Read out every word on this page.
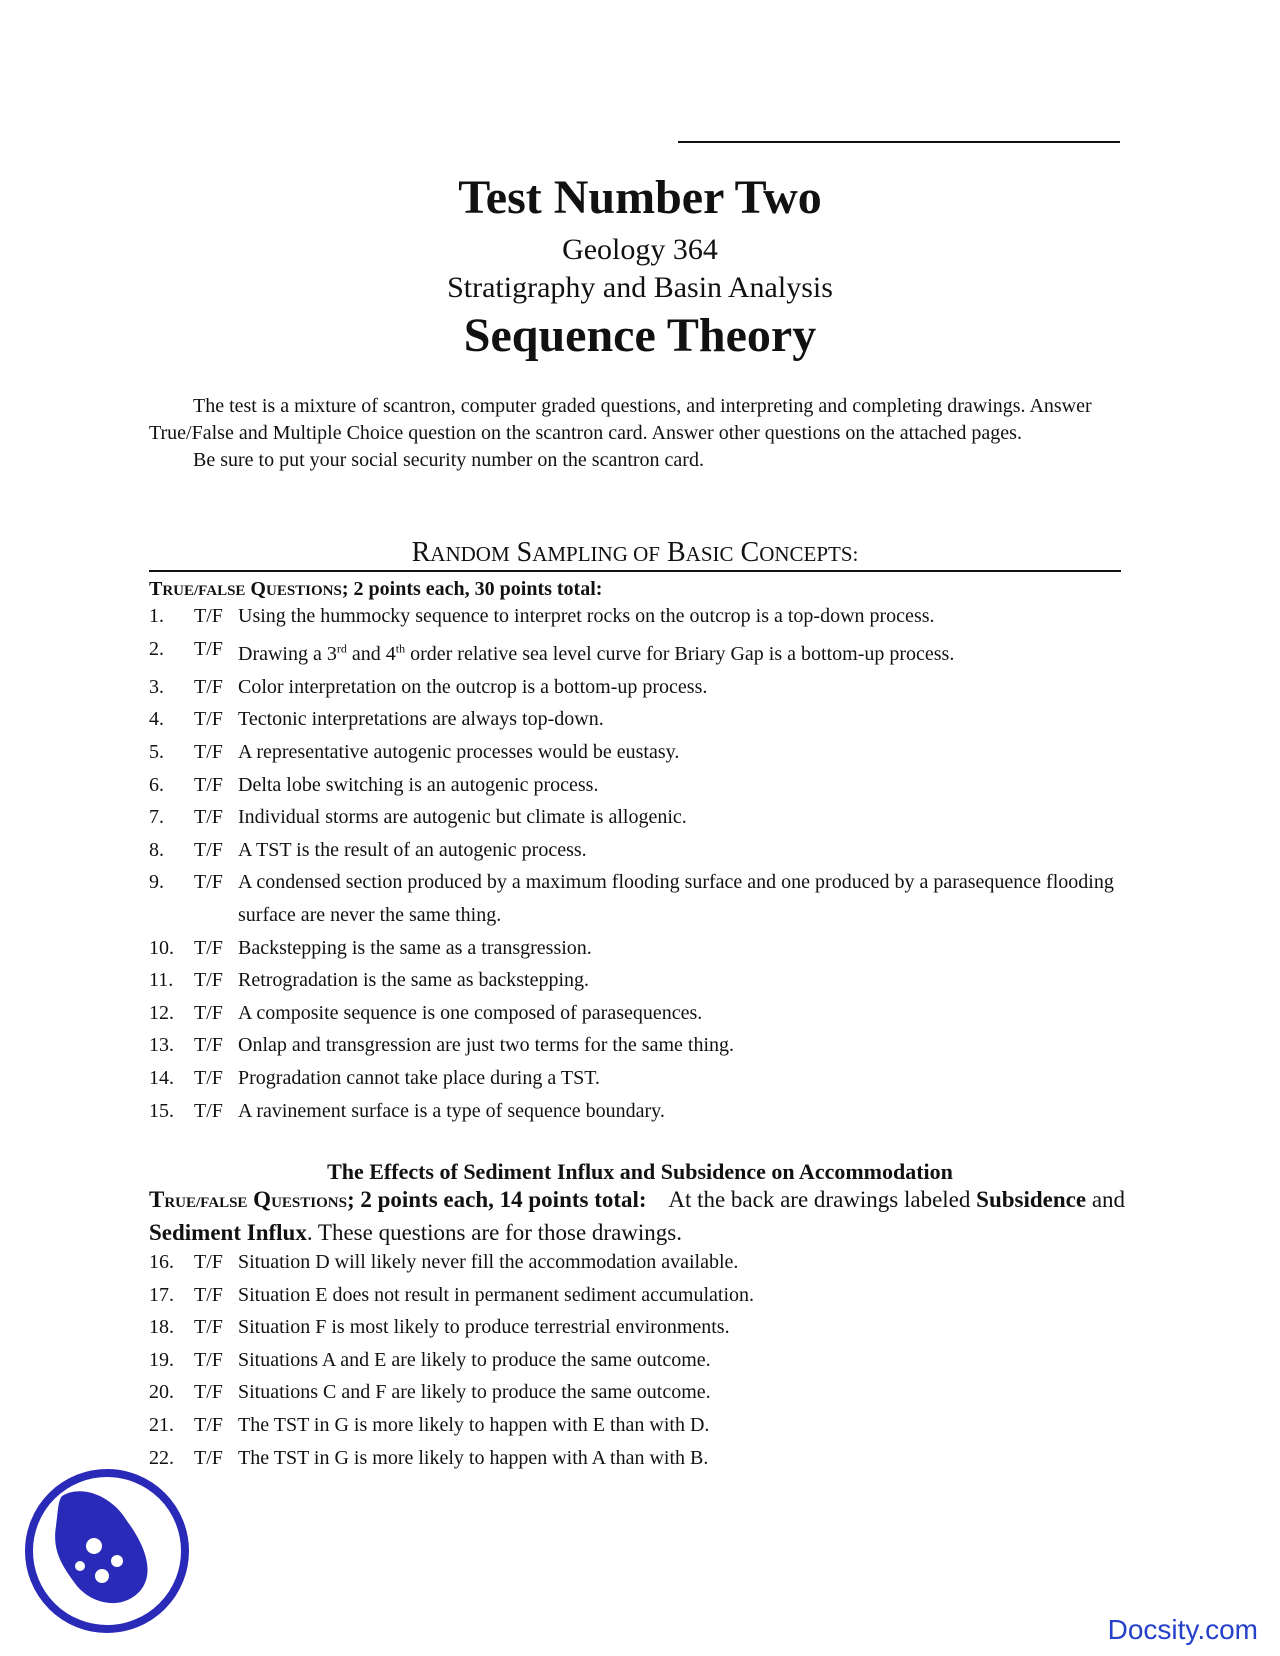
Test Number Two
Geology 364
Stratigraphy and Basin Analysis
Sequence Theory

The test is a mixture of scantron, computer graded questions, and interpreting and completing drawings. Answer True/False and Multiple Choice question on the scantron card. Answer other questions on the attached pages.

Be sure to put your social security number on the scantron card.

RANDOM SAMPLING OF BASIC CONCEPTS:
TRUE/FALSE QUESTIONS; 2 points each, 30 points total:
1. T/F Using the hummocky sequence to interpret rocks on the outcrop is a top-down process.
2. T/F Drawing a 3rd and 4th order relative sea level curve for Briary Gap is a bottom-up process.
3. T/F Color interpretation on the outcrop is a bottom-up process.
4. T/F Tectonic interpretations are always top-down.
5. T/F A representative autogenic processes would be eustasy.
6. T/F Delta lobe switching is an autogenic process.
7. T/F Individual storms are autogenic but climate is allogenic.
8. T/F A TST is the result of an autogenic process.
9. T/F A condensed section produced by a maximum flooding surface and one produced by a parasequence flooding surface are never the same thing.
10. T/F Backstepping is the same as a transgression.
11. T/F Retrogradation is the same as backstepping.
12. T/F A composite sequence is one composed of parasequences.
13. T/F Onlap and transgression are just two terms for the same thing.
14. T/F Progradation cannot take place during a TST.
15. T/F A ravinement surface is a type of sequence boundary.
The Effects of Sediment Influx and Subsidence on Accommodation
TRUE/FALSE QUESTIONS; 2 points each, 14 points total: At the back are drawings labeled Subsidence and Sediment Influx. These questions are for those drawings.
16. T/F Situation D will likely never fill the accommodation available.
17. T/F Situation E does not result in permanent sediment accumulation.
18. T/F Situation F is most likely to produce terrestrial environments.
19. T/F Situations A and E are likely to produce the same outcome.
20. T/F Situations C and F are likely to produce the same outcome.
21. T/F The TST in G is more likely to happen with E than with D.
22. T/F The TST in G is more likely to happen with A than with B.
Docsity.com
